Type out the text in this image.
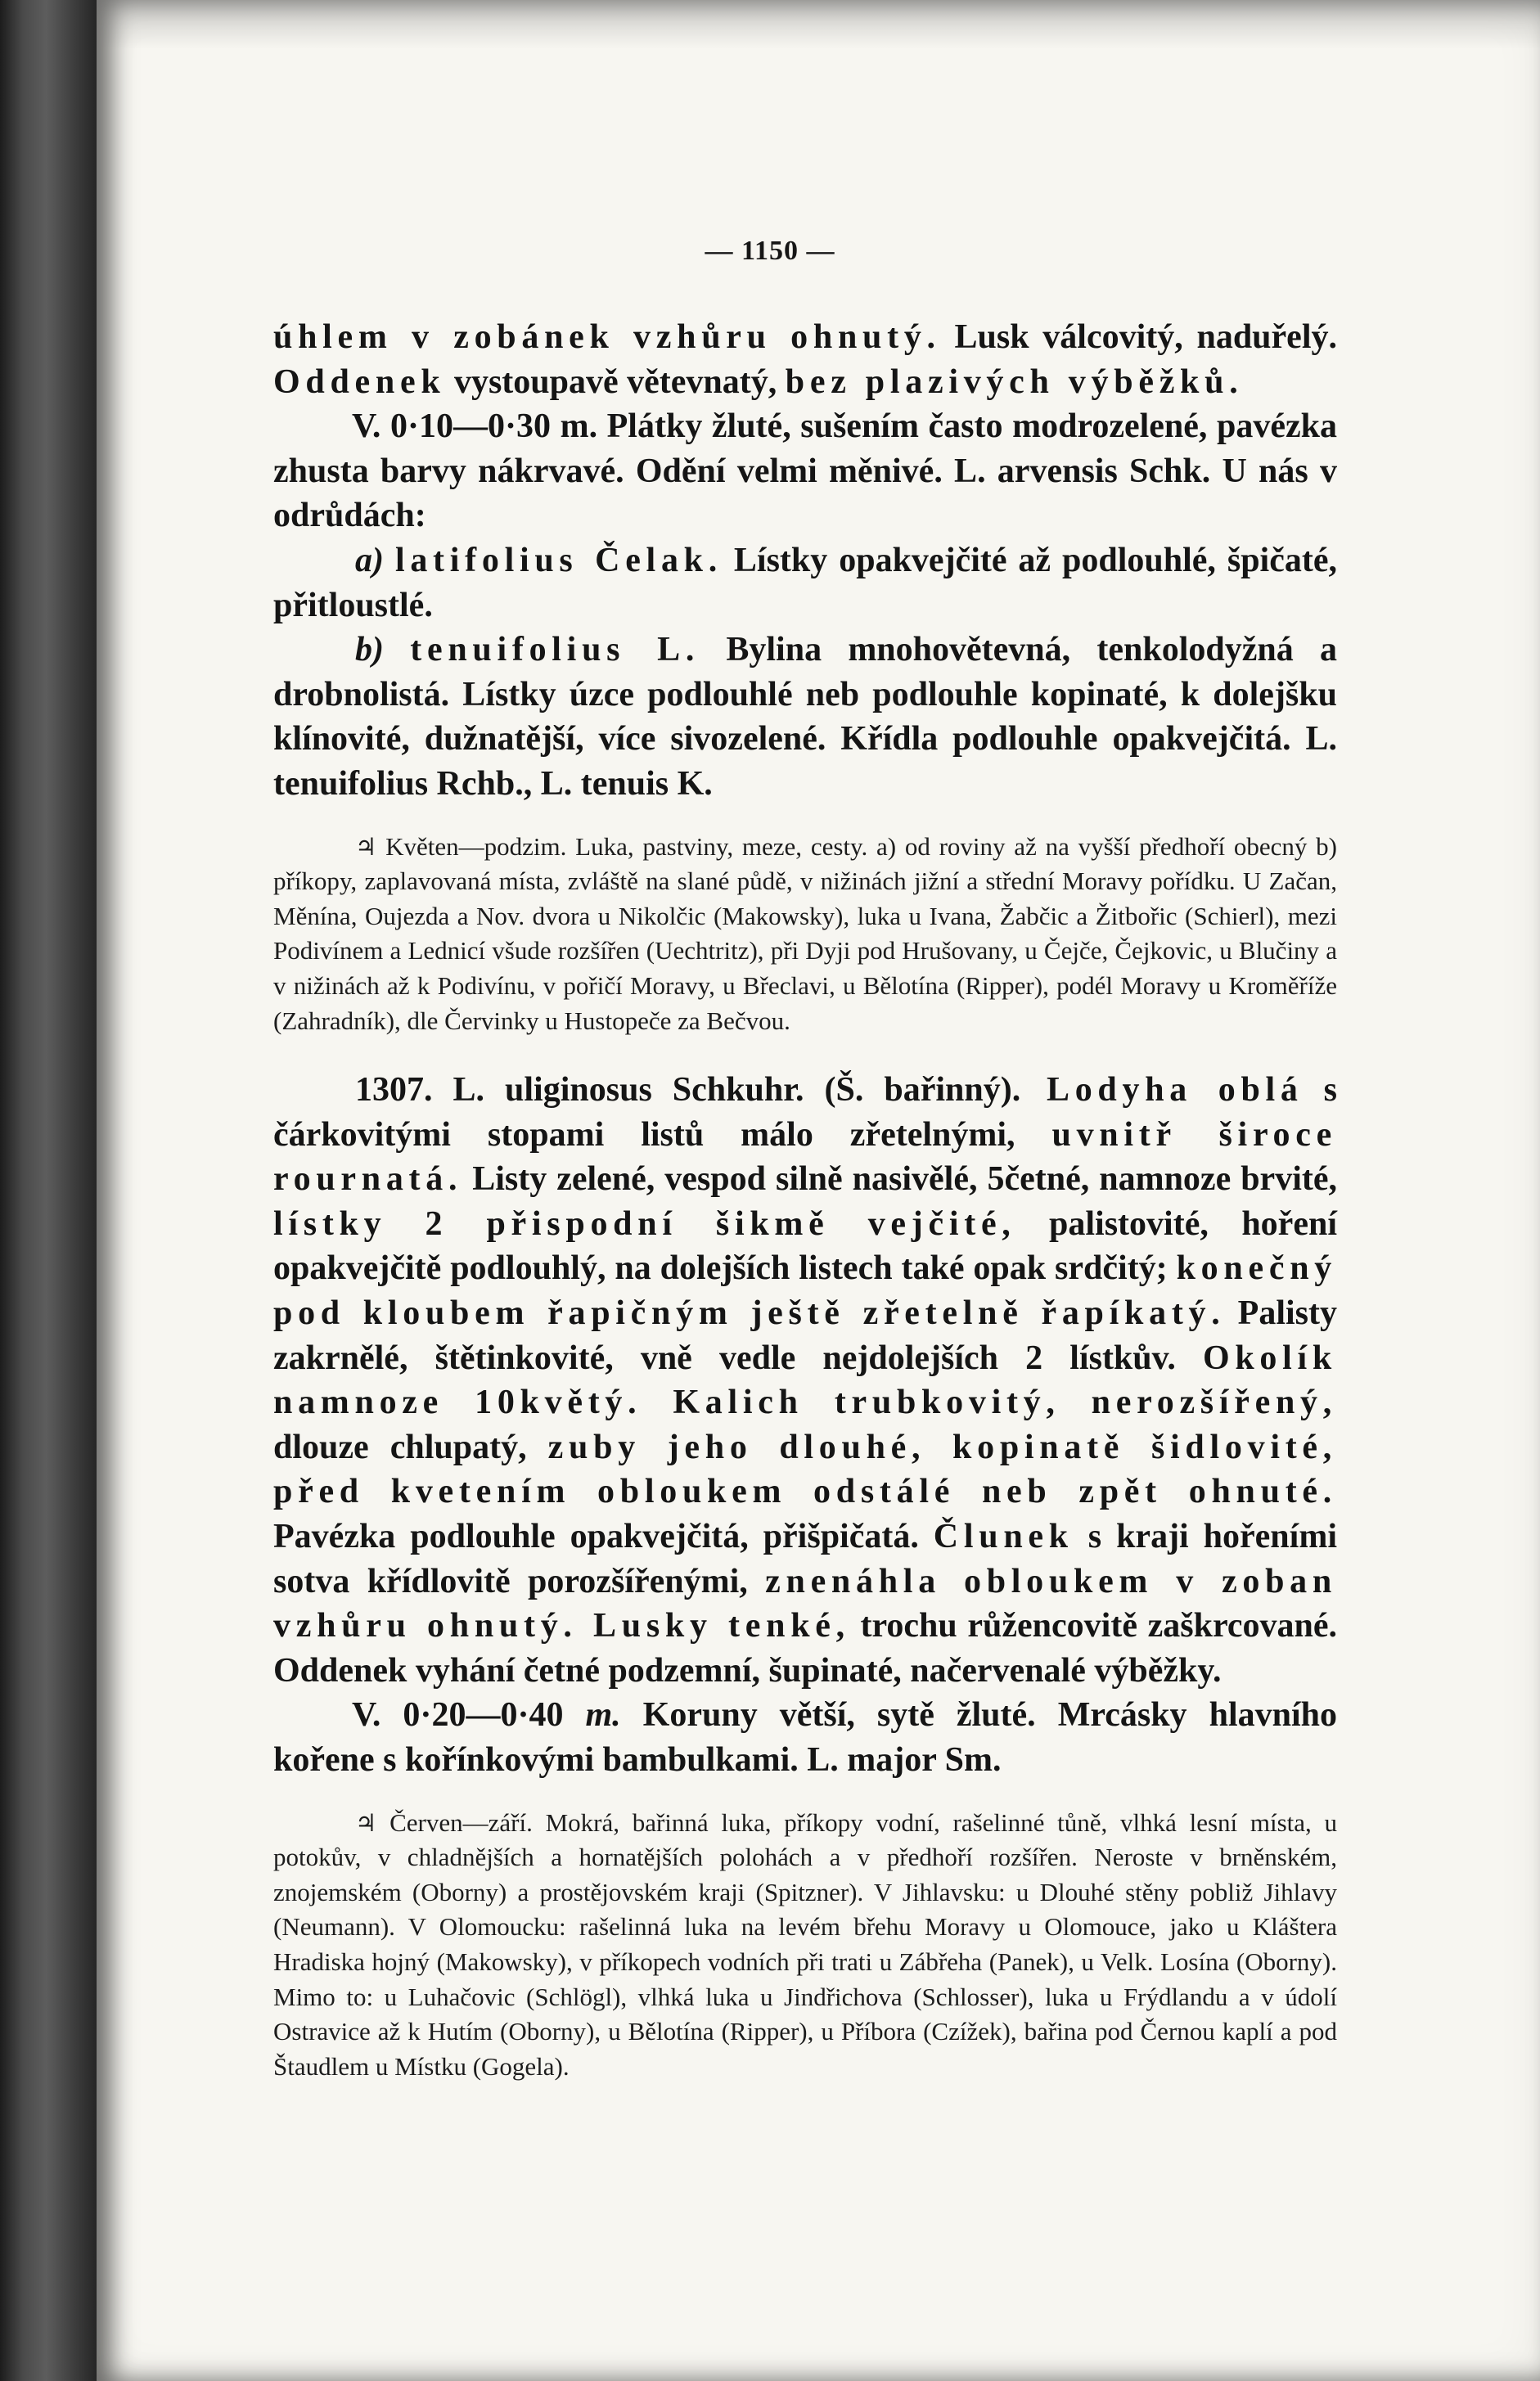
— 1150 —

úhlem v zobánek vzhůru ohnutý. Lusk válcovitý, naduřelý. Oddenek vystoupavě větevnatý, bez plazivých výběžků.

V. 0·10—0·30 m. Plátky žluté, sušením často modrozelené, pavézka zhusta barvy nákrvavé. Odění velmi měnivé. L. arvensis Schk. U nás v odrůdách:

a) latifolius Čelak. Lístky opakvejčité až podlouhlé, špičaté, přitloustlé.

b) tenuifolius L. Bylina mnohovětevná, tenkolodyžná a drobnolistá. Lístky úzce podlouhlé neb podlouhle kopinaté, k dolejšku klínovité, dužnatější, více sivozelené. Křídla podlouhle opakvejčitá. L. tenuifolius Rchb., L. tenuis K.

♃ Květen—podzim. Luka, pastviny, meze, cesty. a) od roviny až na vyšší předhoří obecný b) příkopy, zaplavovaná místa, zvláště na slané půdě, v nižinách jižní a střední Moravy pořídku. U Začan, Měnína, Oujezda a Nov. dvora u Nikolčic (Makowsky), luka u Ivana, Žabčic a Žitbořic (Schierl), mezi Podivínem a Lednicí všude rozšířen (Uechtritz), při Dyji pod Hrušovany, u Čejče, Čejkovic, u Blučiny a v nižinách až k Podivínu, v pořičí Moravy, u Břeclavi, u Bělotína (Ripper), podél Moravy u Kroměříže (Zahradník), dle Červinky u Hustopeče za Bečvou.

1307. L. uliginosus Schkuhr. (Š. bařinný). Lodyha oblá s čárkovitými stopami listů málo zřetelnými, uvnitř široce rournatá. Listy zelené, vespod silně nasivělé, 5četné, namnoze brvité, lístky 2 přispodní šikmě vejčité, palistovité, hoření opakvejčitě podlouhlý, na dolejších listech také opak srdčitý; konečný pod kloubem řapičným ještě zřetelně řapíkatý. Palisty zakrnělé, štětinkovité, vně vedle nejdolejších 2 lístkův. Okolík namnoze 10květý. Kalich trubkovitý, nerozšířený, dlouze chlupatý, zuby jeho dlouhé, kopinatě šidlovité, před kvetením obloukem odstálé neb zpět ohnuté. Pavézka podlouhle opakvejčitá, přišpičatá. Člunek s kraji hořeními sotva křídlovitě porozšířenými, znenáhla obloukem v zoban vzhůru ohnutý. Lusky tenké, trochu růžencovitě zaškrcované. Oddenek vyhání četné podzemní, šupinaté, načervenalé výběžky.

V. 0·20—0·40 m. Koruny větší, sytě žluté. Mrcásky hlavního kořene s kořínkovými bambulkami. L. major Sm.

♃ Červen—září. Mokrá, bařinná luka, příkopy vodní, rašelinné tůně, vlhká lesní místa, u potokův, v chladnějších a hornatějších polohách a v předhoří rozšířen. Neroste v brněnském, znojemském (Oborny) a prostějovském kraji (Spitzner). V Jihlavsku: u Dlouhé stěny pobliž Jihlavy (Neumann). V Olomoucku: rašelinná luka na levém břehu Moravy u Olomouce, jako u Kláštera Hradiska hojný (Makowsky), v příkopech vodních při trati u Zábřeha (Panek), u Velk. Losína (Oborny). Mimo to: u Luhačovic (Schlögl), vlhká luka u Jindřichova (Schlosser), luka u Frýdlandu a v údolí Ostravice až k Hutím (Oborny), u Bělotína (Ripper), u Příbora (Czížek), bařina pod Černou kaplí a pod Štaudlem u Místku (Gogela).
